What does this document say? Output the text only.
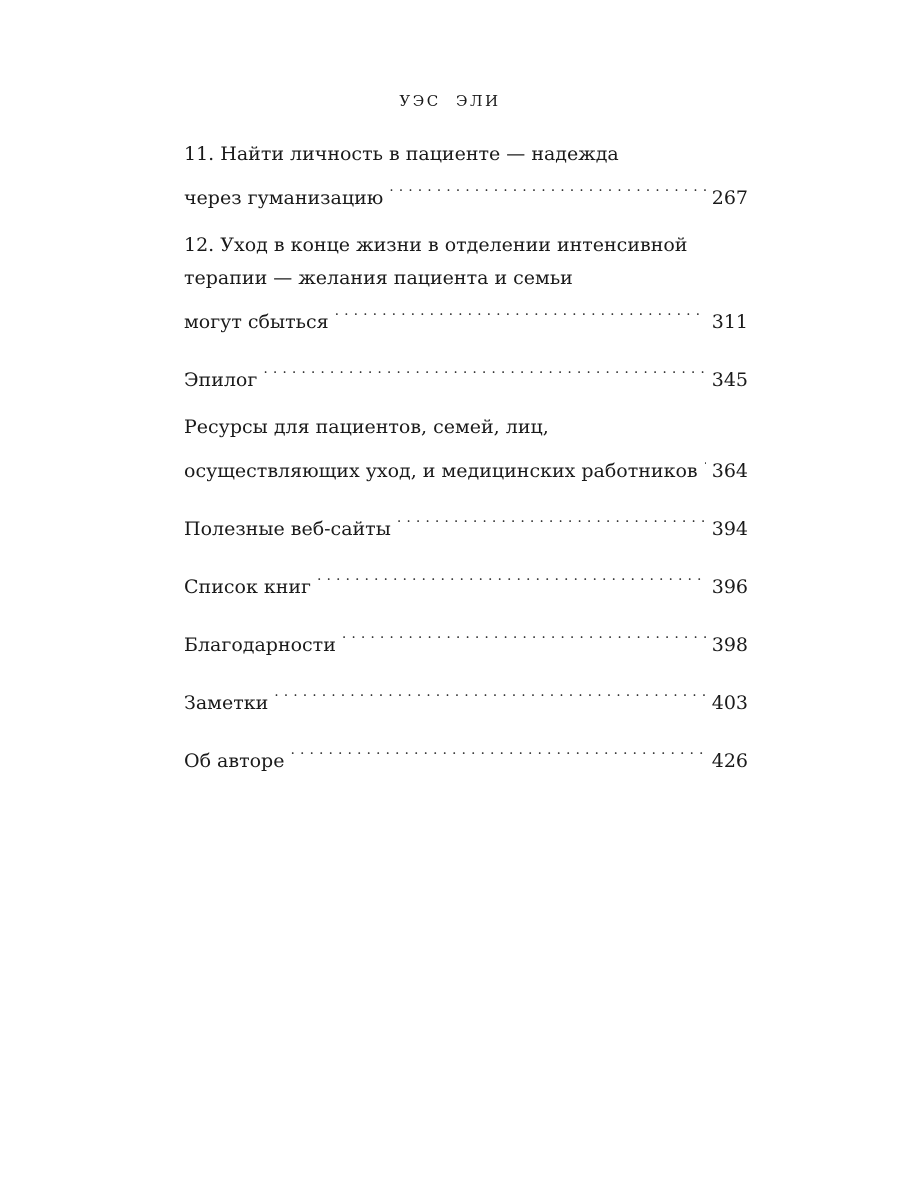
УЭС ЭЛИ
11. Найти личность в пациенте — надежда
через гуманизацию . . .	267
12. Уход в конце жизни в отделении интенсивной
терапии — желания пациента и семьи
могут сбыться . . .	311
Эпилог . . .	345
Ресурсы для пациентов, семей, лиц,
осуществляющих уход, и медицинских работников . . . 364
Полезные веб-сайты . . .	394
Список книг . . .	396
Благодарности . . .	398
Заметки . . .	403
Об авторе . . .	426
